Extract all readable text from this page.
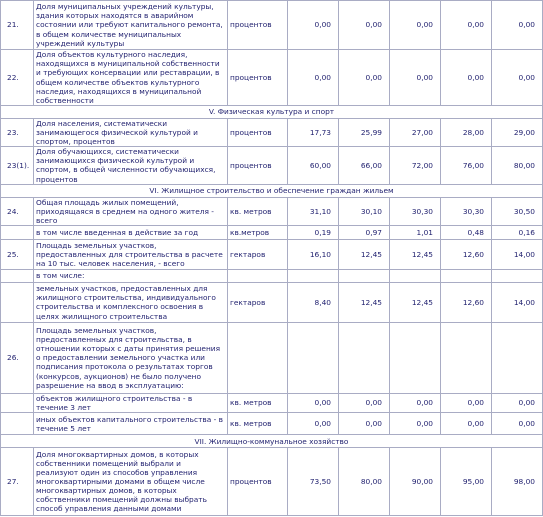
21.	Доля муниципальных учреждений культуры, здания которых находятся в аварийном состоянии или требуют капитального ремонта, в общем количестве муниципальных учреждений культуры	процентов	0,00	0,00	0,00	0,00	0,00
22.	Доля объектов культурного наследия, находящихся в муниципальной собственности и требующих консервации или реставрации, в общем количестве объектов культурного наследия, находящихся в муниципальной собственности	процентов	0,00	0,00	0,00	0,00	0,00
V. Физическая культура и спорт							
23.	Доля населения, систематически занимающегося физической культурой и спортом, процентов	процентов	17,73	25,99	27,00	28,00	29,00
23(1).	Доля обучающихся, систематически занимающихся физической культурой и спортом, в общей численности обучающихся, процентов	процентов	60,00	66,00	72,00	76,00	80,00
VI. Жилищное строительство и обеспечение граждан жильем							
24.	Общая площадь жилых помещений, приходящаяся в среднем на одного жителя - всего	кв. метров	31,10	30,10	30,30	30,30	30,50
	в том числе введенная в действие за год	кв.метров	0,19	0,97	1,01	0,48	0,16
25.	Площадь земельных участков, предоставленных для строительства в расчете на 10 тыс. человек населения, - всего	гектаров	16,10	12,45	12,45	12,60	14,00
	в том числе:						
	земельных участков, предоставленных для жилищного строительства, индивидуального строительства и комплексного освоения в целях жилищного строительства	гектаров	8,40	12,45	12,45	12,60	14,00
26.	Площадь земельных участков, предоставленных для строительства, в отношении которых с даты принятия решения о предоставлении земельного участка или подписания протокола о результатах торгов (конкурсов, аукционов) не было получено разрешение на ввод в эксплуатацию:						
	объектов жилищного строительства - в течение 3 лет	кв. метров	0,00	0,00	0,00	0,00	0,00
	иных объектов капитального строительства - в течение 5 лет	кв. метров	0,00	0,00	0,00	0,00	0,00
VII. Жилищно-коммунальное хозяйство							
27.	Доля многоквартирных домов, в которых собственники помещений выбрали и реализуют один из способов управления многоквартирными домами в общем числе многоквартирных домов, в которых собственники помещений должны выбрать способ управления данными домами	процентов	73,50	80,00	90,00	95,00	98,00
